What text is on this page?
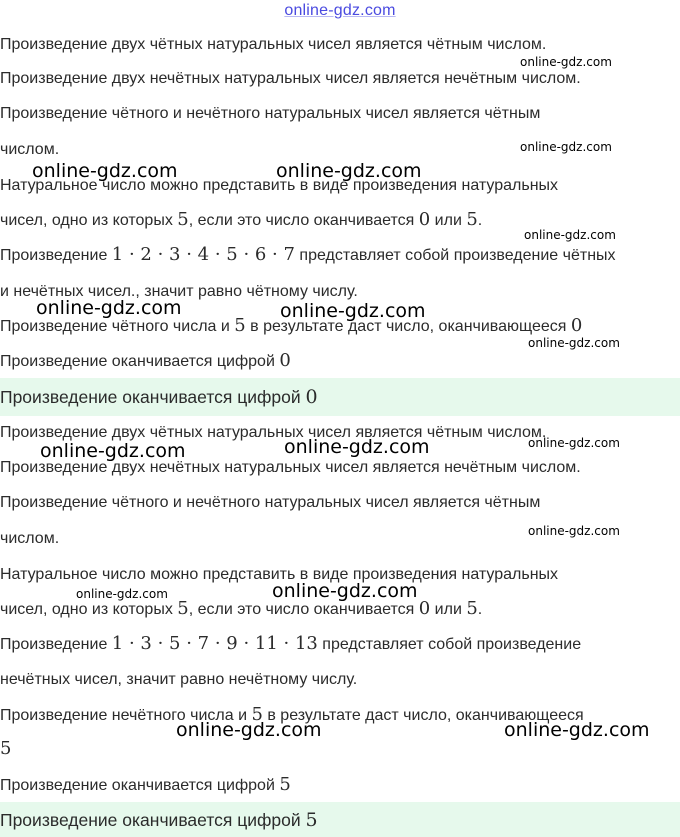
online-gdz.com
Произведение двух чётных натуральных чисел является чётным числом.
Произведение двух нечётных натуральных чисел является нечётным числом.
Произведение чётного и нечётного натуральных чисел является чётным
числом.
Натуральное число можно представить в виде произведения натуральных
чисел, одно из которых 5, если это число оканчивается 0 или 5.
Произведение 1 · 2 · 3 · 4 · 5 · 6 · 7 представляет собой произведение чётных
и нечётных чисел., значит равно чётному числу.
Произведение чётного числа и 5 в результате даст число, оканчивающееся 0
Произведение оканчивается цифрой 0
Произведение оканчивается цифрой 0
Произведение двух чётных натуральных чисел является чётным числом.
Произведение двух нечётных натуральных чисел является нечётным числом.
Произведение чётного и нечётного натуральных чисел является чётным
числом.
Натуральное число можно представить в виде произведения натуральных
чисел, одно из которых 5, если это число оканчивается 0 или 5.
Произведение 1 · 3 · 5 · 7 · 9 · 11 · 13 представляет собой произведение
нечётных чисел, значит равно нечётному числу.
Произведение нечётного числа и 5 в результате даст число, оканчивающееся
5
Произведение оканчивается цифрой 5
Произведение оканчивается цифрой 5
online-gdz.com
online-gdz.com
online-gdz.com	online-gdz.com
online-gdz.com
online-gdz.com	online-gdz.com
online-gdz.com
online-gdz.com
online-gdz.com	online-gdz.com
online-gdz.com
online-gdz.com
online-gdz.com
online-gdz.com	online-gdz.com
